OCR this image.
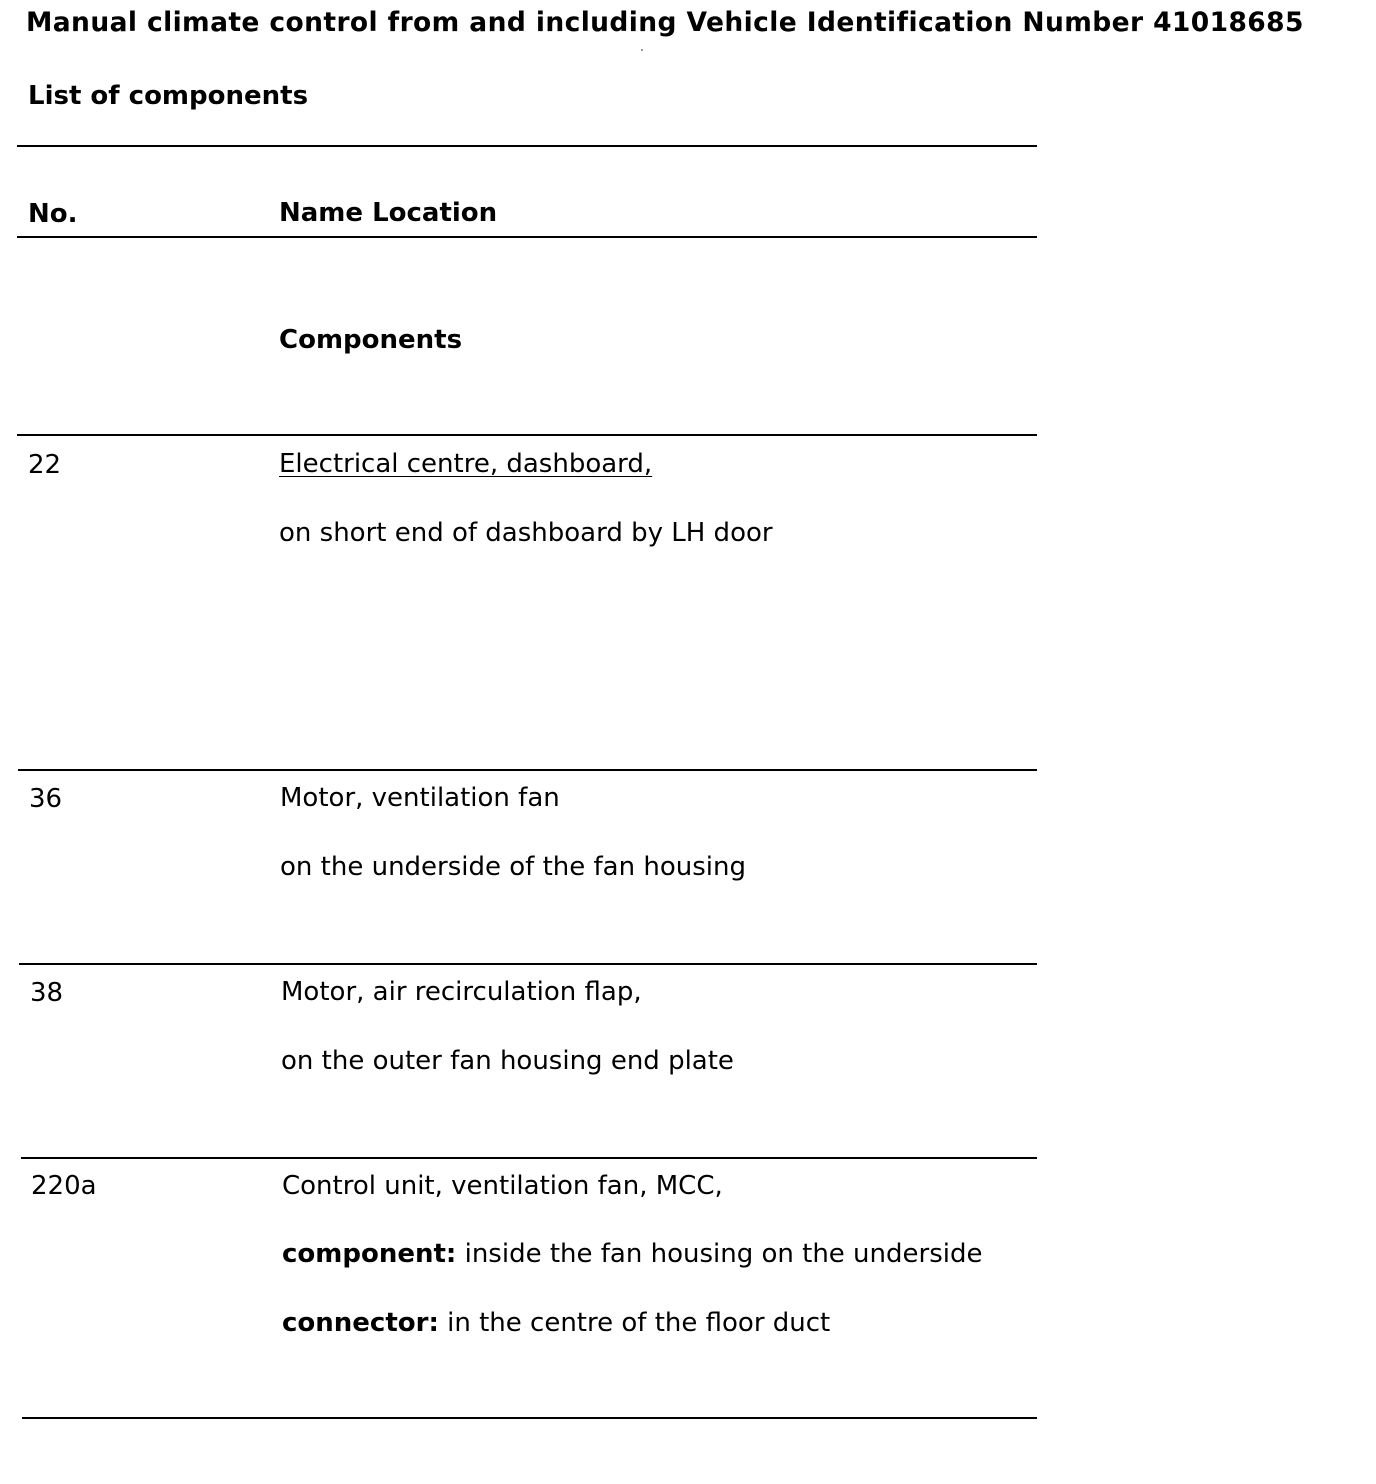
Manual climate control from and including Vehicle Identification Number 41018685
List of components
No.	Name Location
Components
22	Electrical centre, dashboard,
on short end of dashboard by LH door
36	Motor, ventilation fan
on the underside of the fan housing
38	Motor, air recirculation flap,
on the outer fan housing end plate
220a	Control unit, ventilation fan, MCC,
component: inside the fan housing on the underside
connector: in the centre of the floor duct
